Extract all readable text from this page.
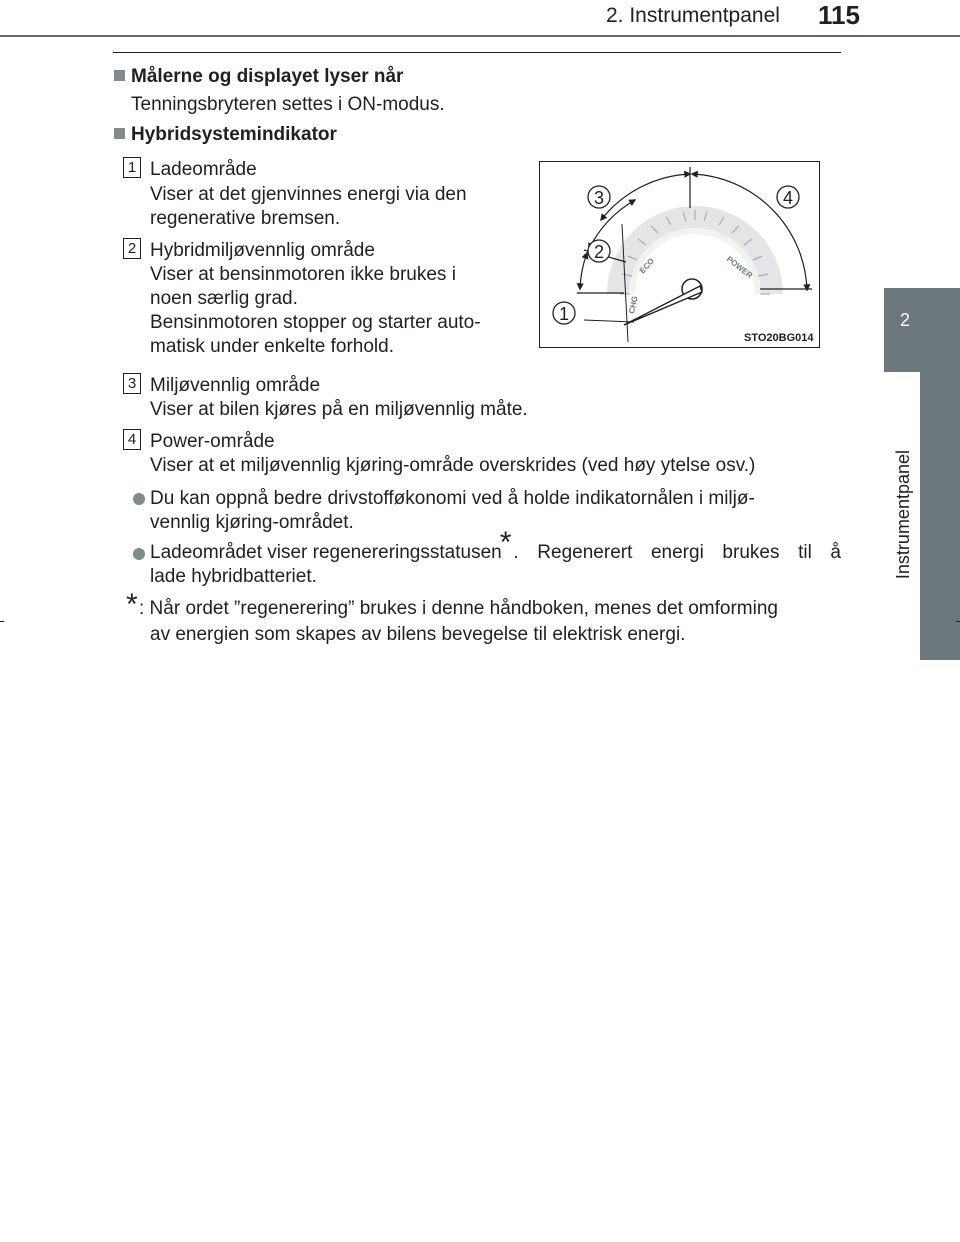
2. Instrumentpanel 115
2
Instrumentpanel
Målerne og displayet lyser når
Tenningsbryteren settes i ON-modus.
Hybridsystemindikator
1 Ladeområde
Viser at det gjenvinnes energi via den
regenerative bremsen.
2 Hybridmiljøvennlig område
Viser at bensinmotoren ikke brukes i
noen særlig grad.
Bensinmotoren stopper og starter auto-
matisk under enkelte forhold.
CHG
ECO	POWER
1
2
3	4
STO20BG014
3 Miljøvennlig område
Viser at bilen kjøres på en miljøvennlig måte.
4 Power-område
Viser at et miljøvennlig kjøring-område overskrides (ved høy ytelse osv.)
Du kan oppnå bedre drivstofføkonomi ved å holde indikatornålen i miljø-
vennlig kjøring-området.
Ladeområdet viser regenereringsstatusen
* . Regenerert energi brukes til å
lade hybridbatteriet.
* : Når ordet ”regenerering” brukes i denne håndboken, menes det omforming
av energien som skapes av bilens bevegelse til elektrisk energi.
